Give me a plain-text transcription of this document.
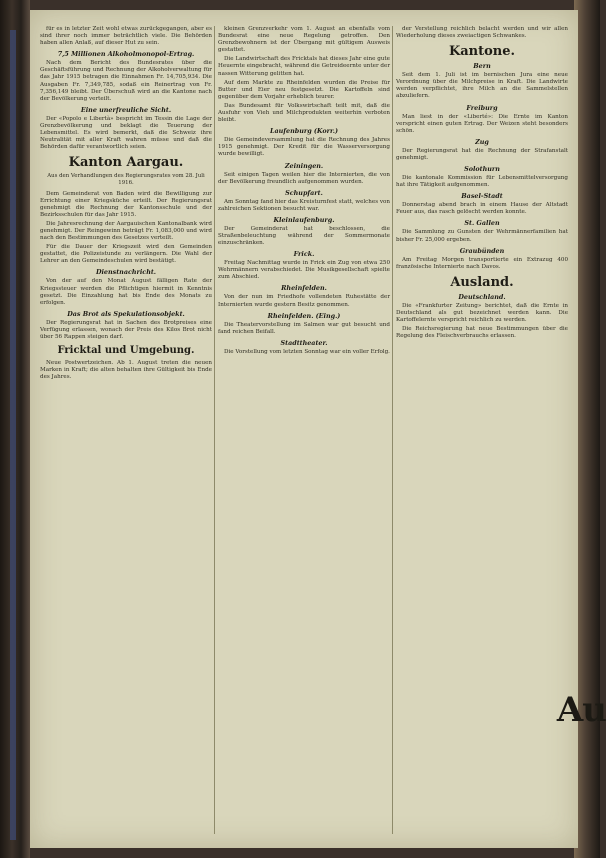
für es in letzter Zeit wohl etwas zurückgegangen, aber es sind ihrer noch immer beträchtlich viele. Die Behörden haben allen Anlaß, auf dieser Hut zu sein.

7,5 Millionen Alkoholmonopol-Ertrag.

Nach dem Bericht des Bundesrates über die Geschäftsführung und Rechnung der Alkoholverwaltung für das Jahr 1915 betragen die Einnahmen Fr. 14,705,934. Die Ausgaben Fr. 7,349,785, sodaß ein Reinertrag von Fr. 7,356,149 bleibt. Der Überschuß wird an die Kantone nach der Bevölkerung verteilt.

Eine unerfreuliche Sicht.

Der «Popolo e Libertà» bespricht im Tessin die Lage der Grenzbevölkerung und beklagt die Teuerung der Lebensmittel. Es wird bemerkt, daß die Schweiz ihre Neutralität mit aller Kraft wahren müsse und daß die Behörden dafür verantwortlich seien.

Kanton Aargau.
Aus den Verhandlungen des Regierungsrates vom 28. Juli 1916.

Dem Gemeinderat von Baden wird die Bewilligung zur Errichtung einer Kriegsküche erteilt. Der Regierungsrat genehmigt die Rechnung der Kantonsschule und der Bezirksschulen für das Jahr 1915.

Die Jahresrechnung der Aargauischen Kantonalbank wird genehmigt. Der Reingewinn beträgt Fr. 1,083,000 und wird nach den Bestimmungen des Gesetzes verteilt.

Für die Dauer der Kriegszeit wird den Gemeinden gestattet, die Polizeistunde zu verlängern. Die Wahl der Lehrer an den Gemeindeschulen wird bestätigt.

Dienstnachricht.

Von der auf den Monat August fälligen Rate der Kriegssteuer werden die Pflichtigen hiermit in Kenntnis gesetzt. Die Einzahlung hat bis Ende des Monats zu erfolgen.

Das Brot als Spekulationsobjekt.

Der Regierungsrat hat in Sachen des Brotpreises eine Verfügung erlassen, wonach der Preis des Kilos Brot nicht über 56 Rappen steigen darf.

Fricktal und Umgebung.

Neue Postwertzeichen. Ab 1. August treten die neuen Marken in Kraft; die alten behalten ihre Gültigkeit bis Ende des Jahres.

kleinen Grenzverkehr vom 1. August an ebenfalls vom Bundesrat eine neue Regelung getroffen. Den Grenzbewohnern ist der Übergang mit gültigem Ausweis gestattet.

Die Landwirtschaft des Fricktals hat dieses Jahr eine gute Heuernte eingebracht, während die Getreideernte unter der nassen Witterung gelitten hat.

Auf dem Markte zu Rheinfelden wurden die Preise für Butter und Eier neu festgesetzt. Die Kartoffeln sind gegenüber dem Vorjahr erheblich teurer.

Das Bundesamt für Volkswirtschaft teilt mit, daß die Ausfuhr von Vieh und Milchprodukten weiterhin verboten bleibt.

Laufenburg (Korr.)

Die Gemeindeversammlung hat die Rechnung des Jahres 1915 genehmigt. Der Kredit für die Wasserversorgung wurde bewilligt.

Zeiningen.

Seit einigen Tagen weilen hier die Internierten, die von der Bevölkerung freundlich aufgenommen wurden.

Schupfart.

Am Sonntag fand hier das Kreisturnfest statt, welches von zahlreichen Sektionen besucht war.

Kleinlaufenburg.

Der Gemeinderat hat beschlossen, die Straßenbeleuchtung während der Sommermonate einzuschränken.

Frick.

Freitag Nachmittag wurde in Frick ein Zug von etwa 250 Wehrmännern verabschiedet. Die Musikgesellschaft spielte zum Abschied.

Rheinfelden.

Von der nun im Friedhofe vollendeten Ruhestätte der Internierten wurde gestern Besitz genommen.

Rheinfelden. (Eing.)

Die Theatervorstellung im Salmen war gut besucht und fand reichen Beifall.

Stadttheater.

Die Vorstellung vom letzten Sonntag war ein voller Erfolg.

der Verstellung reichlich belacht werden und wir allen Wiederholung dieses zweiactigen Schwankes.

Kantone.
Bern

Seit dem 1. Juli ist im bernischen Jura eine neue Verordnung über die Milchpreise in Kraft. Die Landwirte werden verpflichtet, ihre Milch an die Sammelstellen abzuliefern.

Freiburg

Man liest in der «Liberté»: Die Ernte im Kanton verspricht einen guten Ertrag. Der Weizen steht besonders schön.

Zug

Der Regierungsrat hat die Rechnung der Strafanstalt genehmigt.

Solothurn

Die kantonale Kommission für Lebensmittelversorgung hat ihre Tätigkeit aufgenommen.

Basel-Stadt

Donnerstag abend brach in einem Hause der Altstadt Feuer aus, das rasch gelöscht werden konnte.

St. Gallen

Die Sammlung zu Gunsten der Wehrmännerfamilien hat bisher Fr. 25,000 ergeben.

Graubünden

Am Freitag Morgen transportierte ein Extrazug 400 französische Internierte nach Davos.

Ausland.
Deutschland.

Die «Frankfurter Zeitung» berichtet, daß die Ernte in Deutschland als gut bezeichnet werden kann. Die Kartoffelernte verspricht reichlich zu werden.

Die Reichsregierung hat neue Bestimmungen über die Regelung des Fleischverbrauchs erlassen.

Au
